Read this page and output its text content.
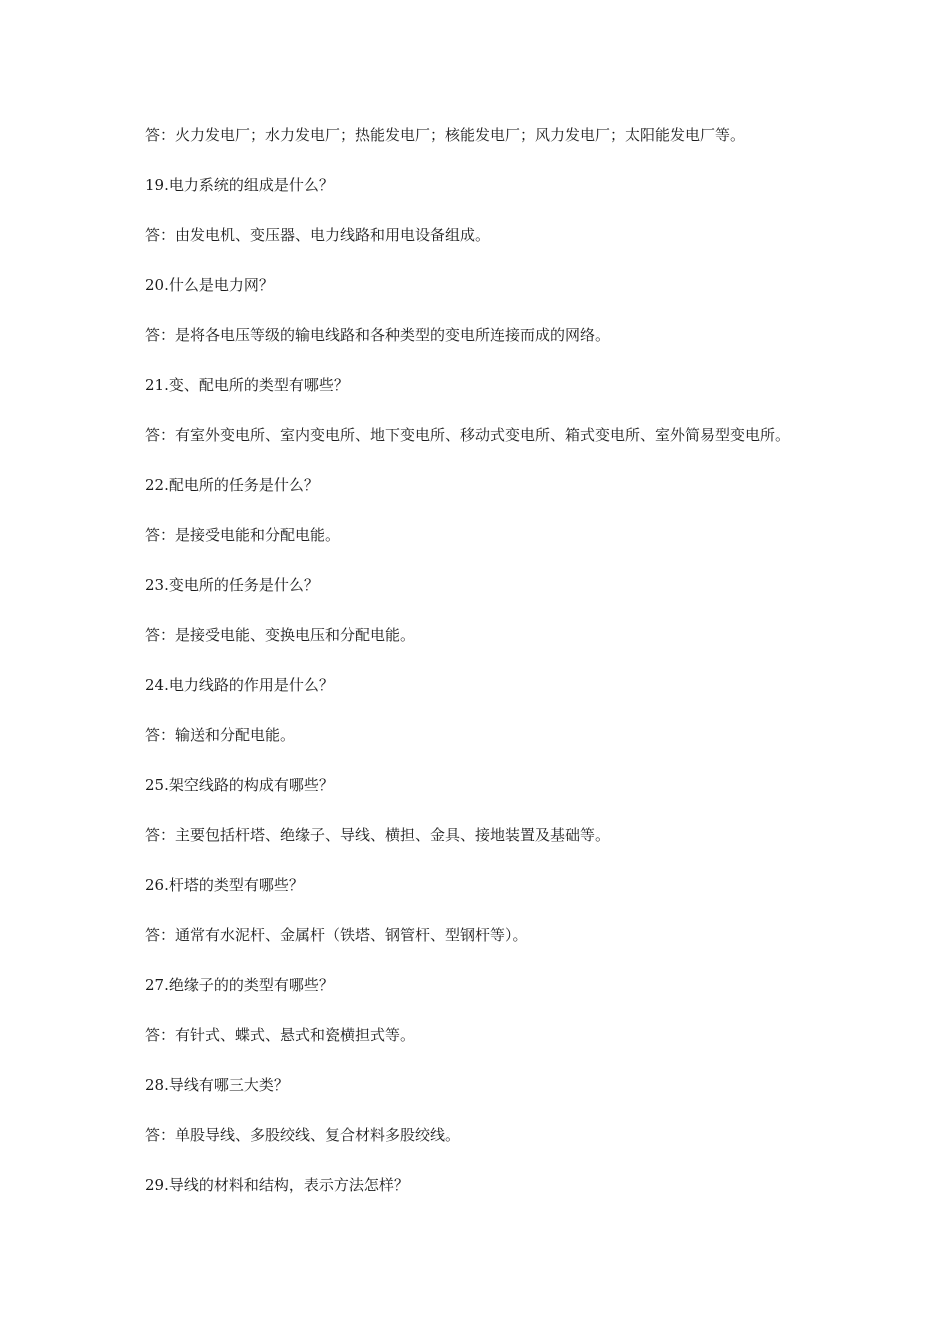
答：火力发电厂；水力发电厂；热能发电厂；核能发电厂；风力发电厂；太阳能发电厂等。

19.电力系统的组成是什么？

答：由发电机、变压器、电力线路和用电设备组成。

20.什么是电力网？

答：是将各电压等级的输电线路和各种类型的变电所连接而成的网络。

21.变、配电所的类型有哪些？

答：有室外变电所、室内变电所、地下变电所、移动式变电所、箱式变电所、室外简易型变电所。

22.配电所的任务是什么？

答：是接受电能和分配电能。

23.变电所的任务是什么？

答：是接受电能、变换电压和分配电能。

24.电力线路的作用是什么？

答：输送和分配电能。

25.架空线路的构成有哪些？

答：主要包括杆塔、绝缘子、导线、横担、金具、接地装置及基础等。

26.杆塔的类型有哪些？

答：通常有水泥杆、金属杆（铁塔、钢管杆、型钢杆等）。

27.绝缘子的的类型有哪些？

答：有针式、蝶式、悬式和瓷横担式等。

28.导线有哪三大类？

答：单股导线、多股绞线、复合材料多股绞线。

29.导线的材料和结构，表示方法怎样？
